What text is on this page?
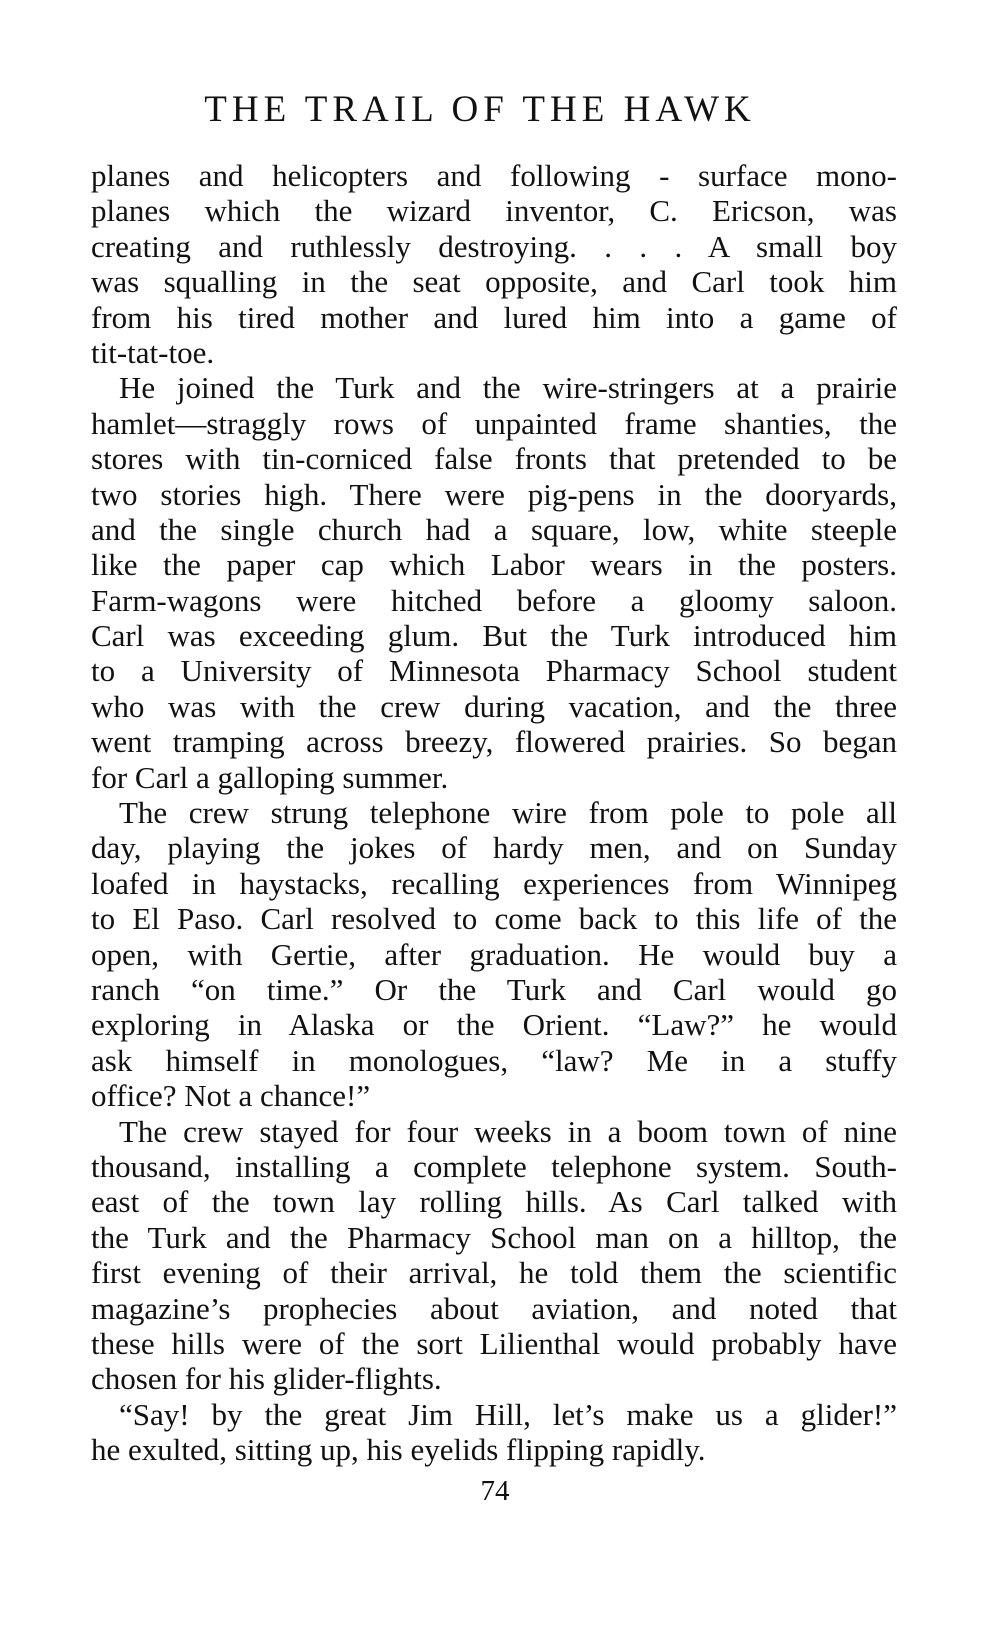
THE TRAIL OF THE HAWK
planes and helicopters and following - surface mono-
planes which the wizard inventor, C. Ericson, was
creating and ruthlessly destroying. . . . A small boy
was squalling in the seat opposite, and Carl took him
from his tired mother and lured him into a game of
tit-tat-toe.
He joined the Turk and the wire-stringers at a prairie
hamlet—straggly rows of unpainted frame shanties, the
stores with tin-corniced false fronts that pretended to be
two stories high. There were pig-pens in the dooryards,
and the single church had a square, low, white steeple
like the paper cap which Labor wears in the posters.
Farm-wagons were hitched before a gloomy saloon.
Carl was exceeding glum. But the Turk introduced him
to a University of Minnesota Pharmacy School student
who was with the crew during vacation, and the three
went tramping across breezy, flowered prairies. So began
for Carl a galloping summer.
The crew strung telephone wire from pole to pole all
day, playing the jokes of hardy men, and on Sunday
loafed in haystacks, recalling experiences from Winnipeg
to El Paso. Carl resolved to come back to this life of the
open, with Gertie, after graduation. He would buy a
ranch “on time.” Or the Turk and Carl would go
exploring in Alaska or the Orient. “Law?” he would
ask himself in monologues, “law? Me in a stuffy
office? Not a chance!”
The crew stayed for four weeks in a boom town of nine
thousand, installing a complete telephone system. South-
east of the town lay rolling hills. As Carl talked with
the Turk and the Pharmacy School man on a hilltop, the
first evening of their arrival, he told them the scientific
magazine’s prophecies about aviation, and noted that
these hills were of the sort Lilienthal would probably have
chosen for his glider-flights.
“Say! by the great Jim Hill, let’s make us a glider!”
he exulted, sitting up, his eyelids flipping rapidly.
74
